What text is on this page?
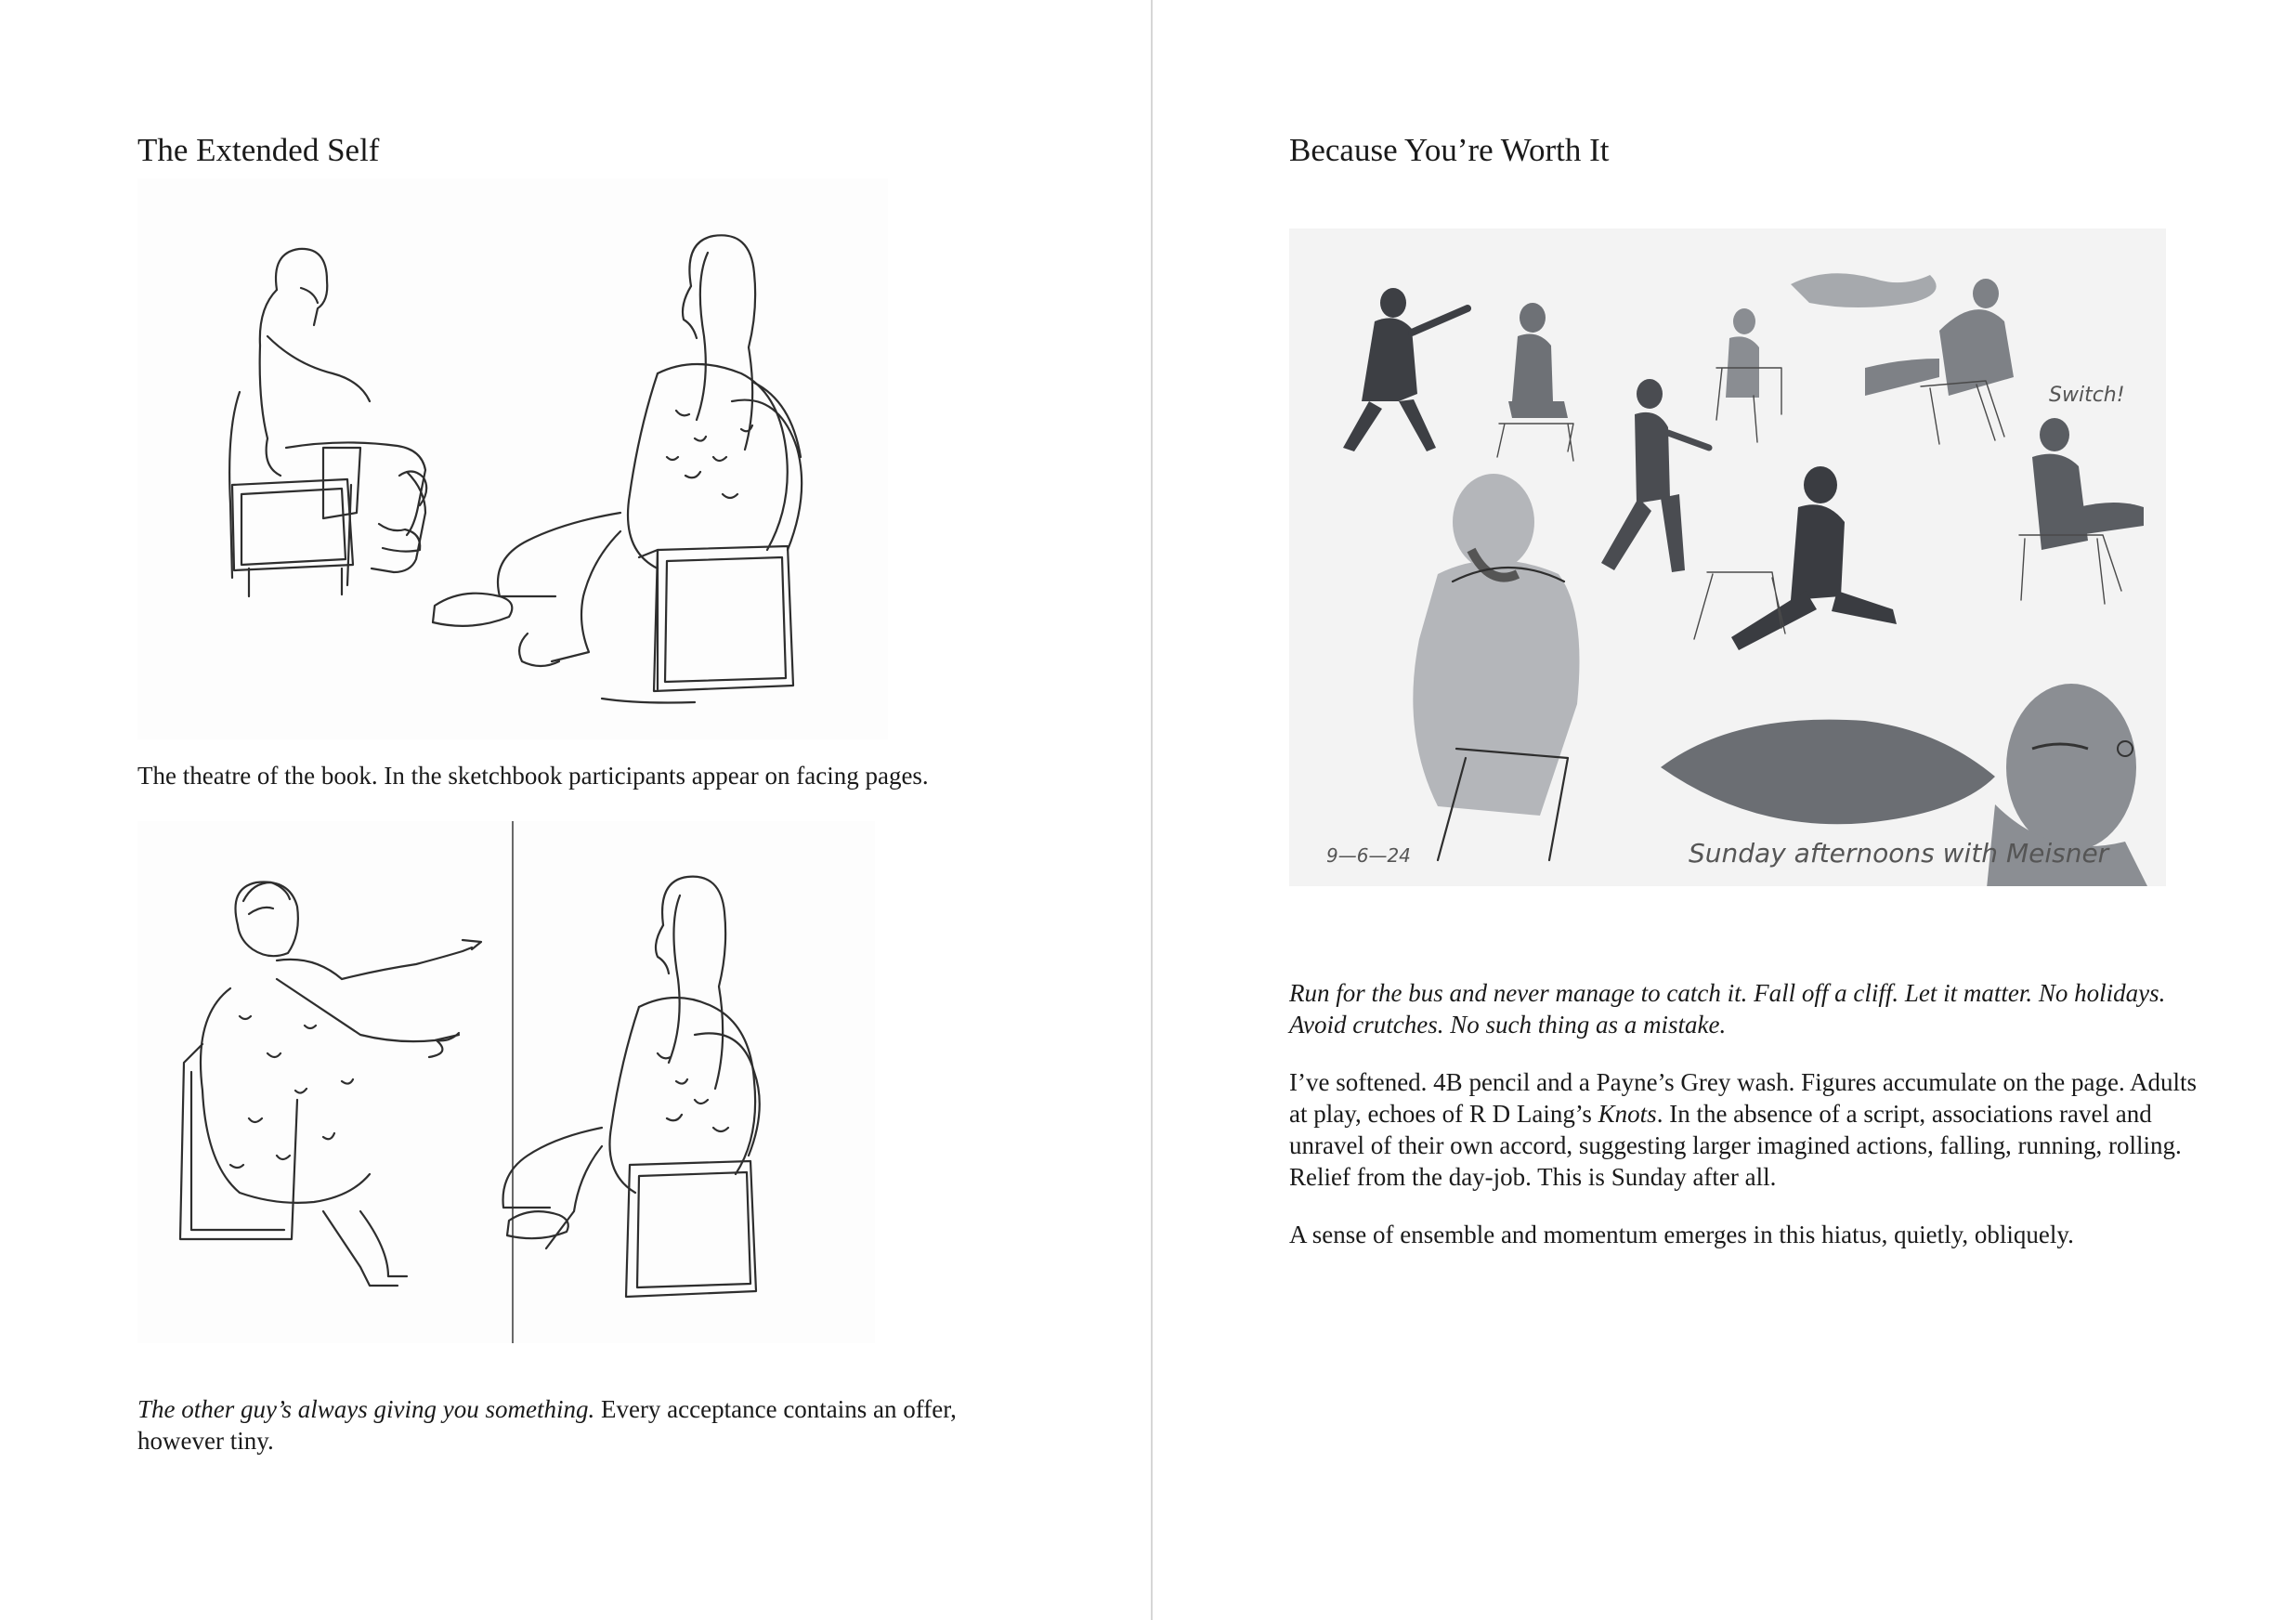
The Extended Self

The theatre of the book. In the sketchbook participants appear on facing pages.

The other guy’s always giving you something. Every acceptance contains an offer, however tiny.

Because You’re Worth It
Switch!
9—6—24	Sunday afternoons with Meisner

Run for the bus and never manage to catch it. Fall off a cliff. Let it matter. No holidays. Avoid crutches. No such thing as a mistake.

I’ve softened. 4B pencil and a Payne’s Grey wash. Figures accumulate on the page. Adults at play, echoes of R D Laing’s Knots. In the absence of a script, associations ravel and unravel of their own accord, suggesting larger imagined actions, falling, running, rolling. Relief from the day-job. This is Sunday after all.

A sense of ensemble and momentum emerges in this hiatus, quietly, obliquely.
